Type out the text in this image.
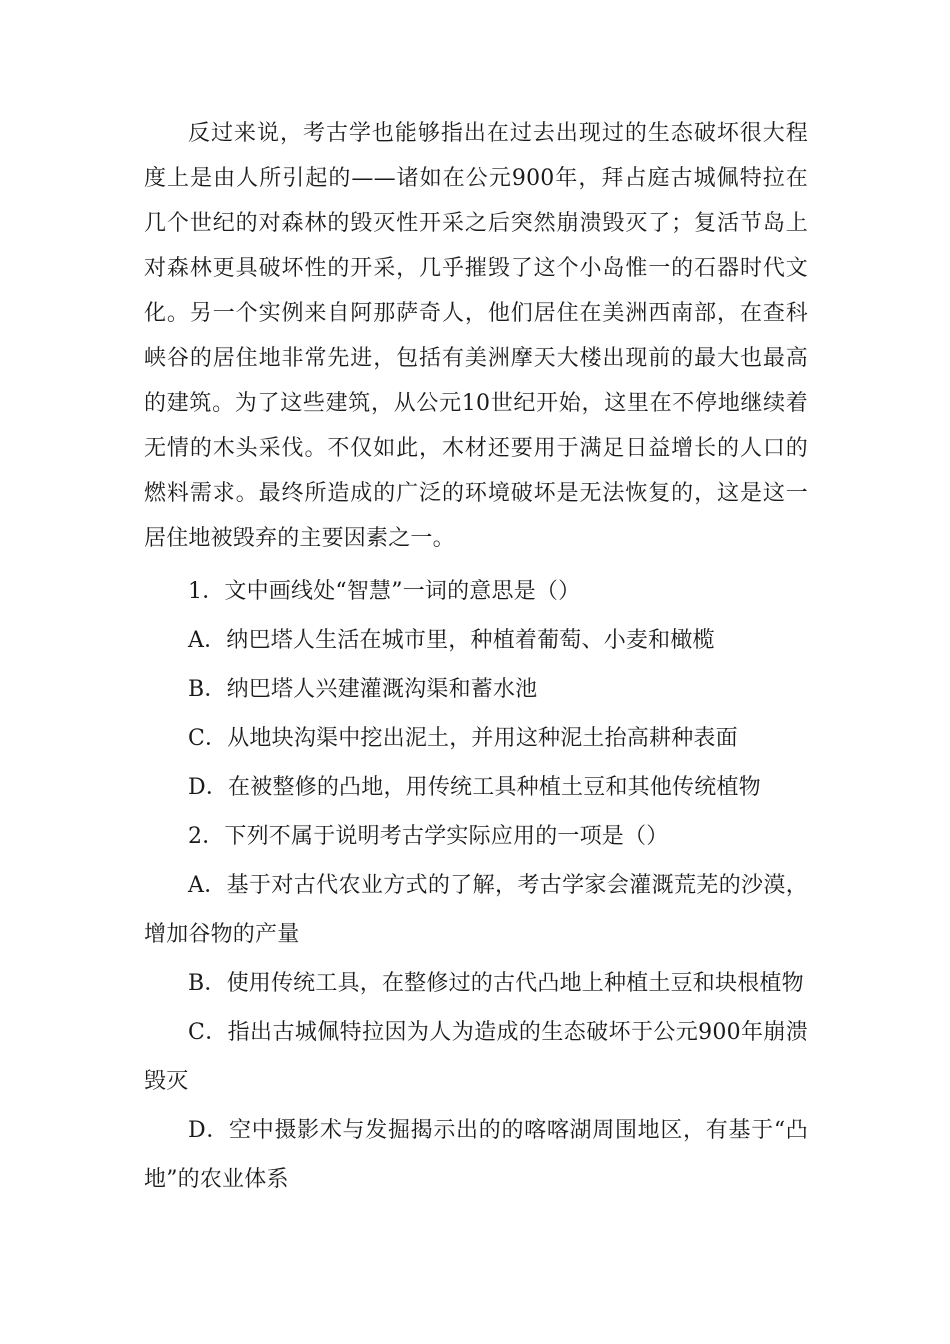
反过来说，考古学也能够指出在过去出现过的生态破坏很大程度上是由人所引起的——诸如在公元900年，拜占庭古城佩特拉在几个世纪的对森林的毁灭性开采之后突然崩溃毁灭了；复活节岛上对森林更具破坏性的开采，几乎摧毁了这个小岛惟一的石器时代文化。另一个实例来自阿那萨奇人，他们居住在美洲西南部，在查科峡谷的居住地非常先进，包括有美洲摩天大楼出现前的最大也最高的建筑。为了这些建筑，从公元10世纪开始，这里在不停地继续着无情的木头采伐。不仅如此，木材还要用于满足日益增长的人口的燃料需求。最终所造成的广泛的环境破坏是无法恢复的，这是这一居住地被毁弃的主要因素之一。

1．文中画线处“智慧”一词的意思是（）

A．纳巴塔人生活在城市里，种植着葡萄、小麦和橄榄

B．纳巴塔人兴建灌溉沟渠和蓄水池

C．从地块沟渠中挖出泥土，并用这种泥土抬高耕种表面

D．在被整修的凸地，用传统工具种植土豆和其他传统植物

2．下列不属于说明考古学实际应用的一项是（）

A．基于对古代农业方式的了解，考古学家会灌溉荒芜的沙漠，增加谷物的产量

B．使用传统工具，在整修过的古代凸地上种植土豆和块根植物

C．指出古城佩特拉因为人为造成的生态破坏于公元900年崩溃毁灭

D．空中摄影术与发掘揭示出的的喀喀湖周围地区，有基于“凸地”的农业体系
